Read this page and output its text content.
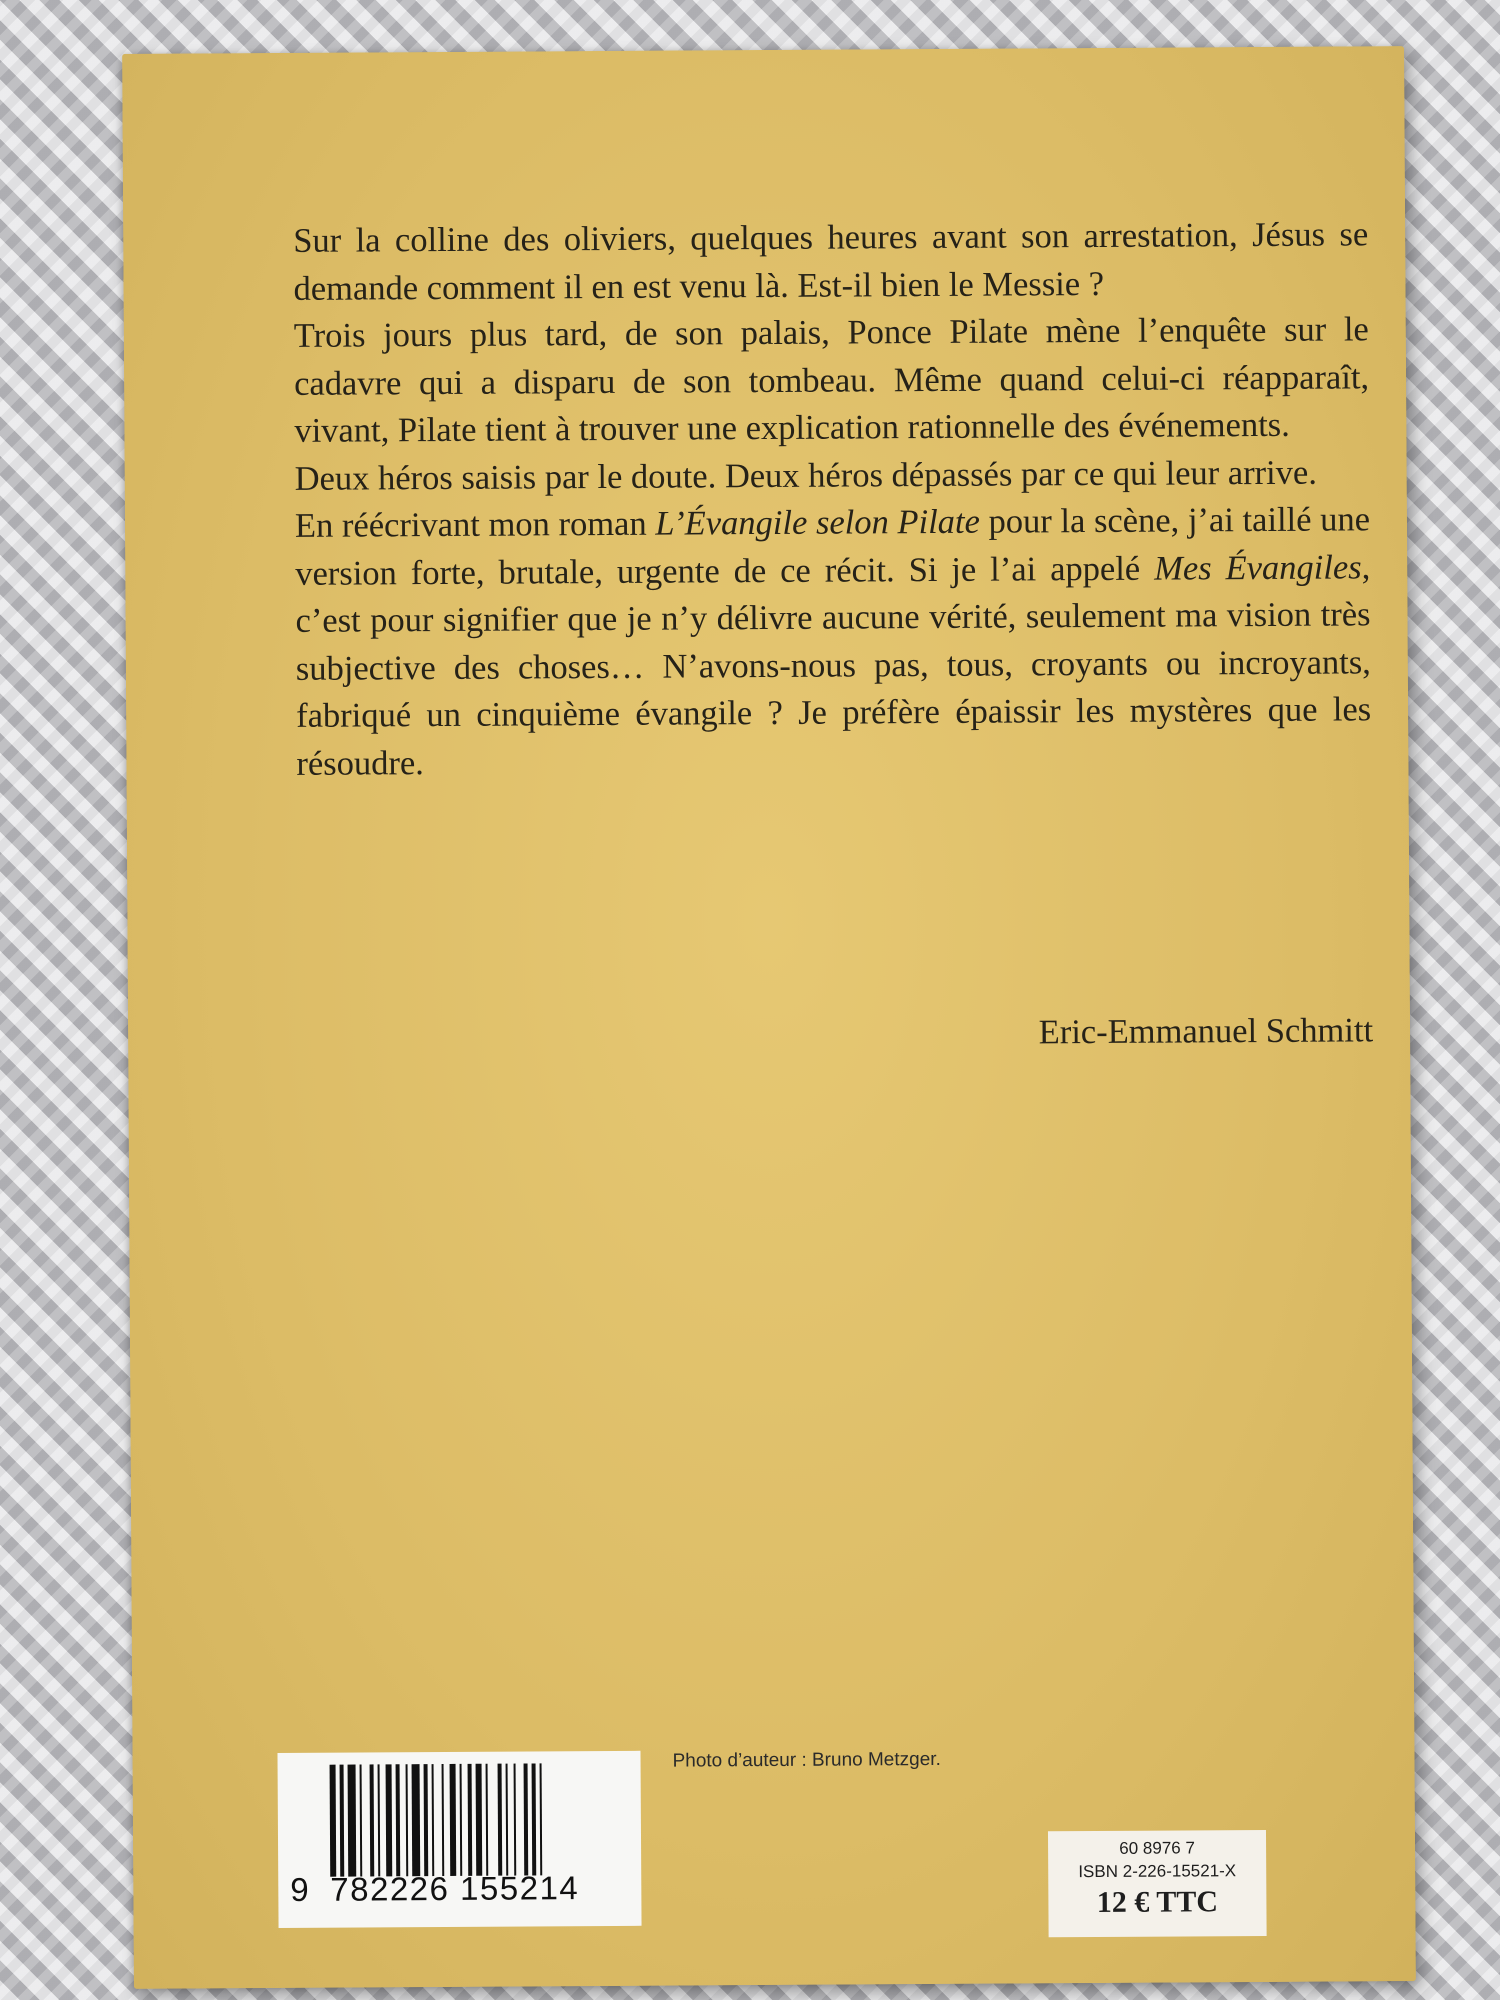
Sur la colline des oliviers, quelques heures avant son arrestation, Jésus se demande comment il en est venu là. Est-il bien le Messie ?

Trois jours plus tard, de son palais, Ponce Pilate mène l’enquête sur le cadavre qui a disparu de son tombeau. Même quand celui-ci réapparaît, vivant, Pilate tient à trouver une explication rationnelle des événements.

Deux héros saisis par le doute. Deux héros dépassés par ce qui leur arrive.

En réécrivant mon roman L’Évangile selon Pilate pour la scène, j’ai taillé une version forte, brutale, urgente de ce récit. Si je l’ai appelé Mes Évangiles, c’est pour signifier que je n’y délivre aucune vérité, seulement ma vision très subjective des choses… N’avons-nous pas, tous, croyants ou incroyants, fabriqué un cinquième évangile ? Je préfère épaissir les mystères que les résoudre.

Eric-Emmanuel Schmitt
Photo d’auteur : Bruno Metzger.
9 782226 155214
60 8976 7
ISBN 2-226-15521-X
12 € TTC
